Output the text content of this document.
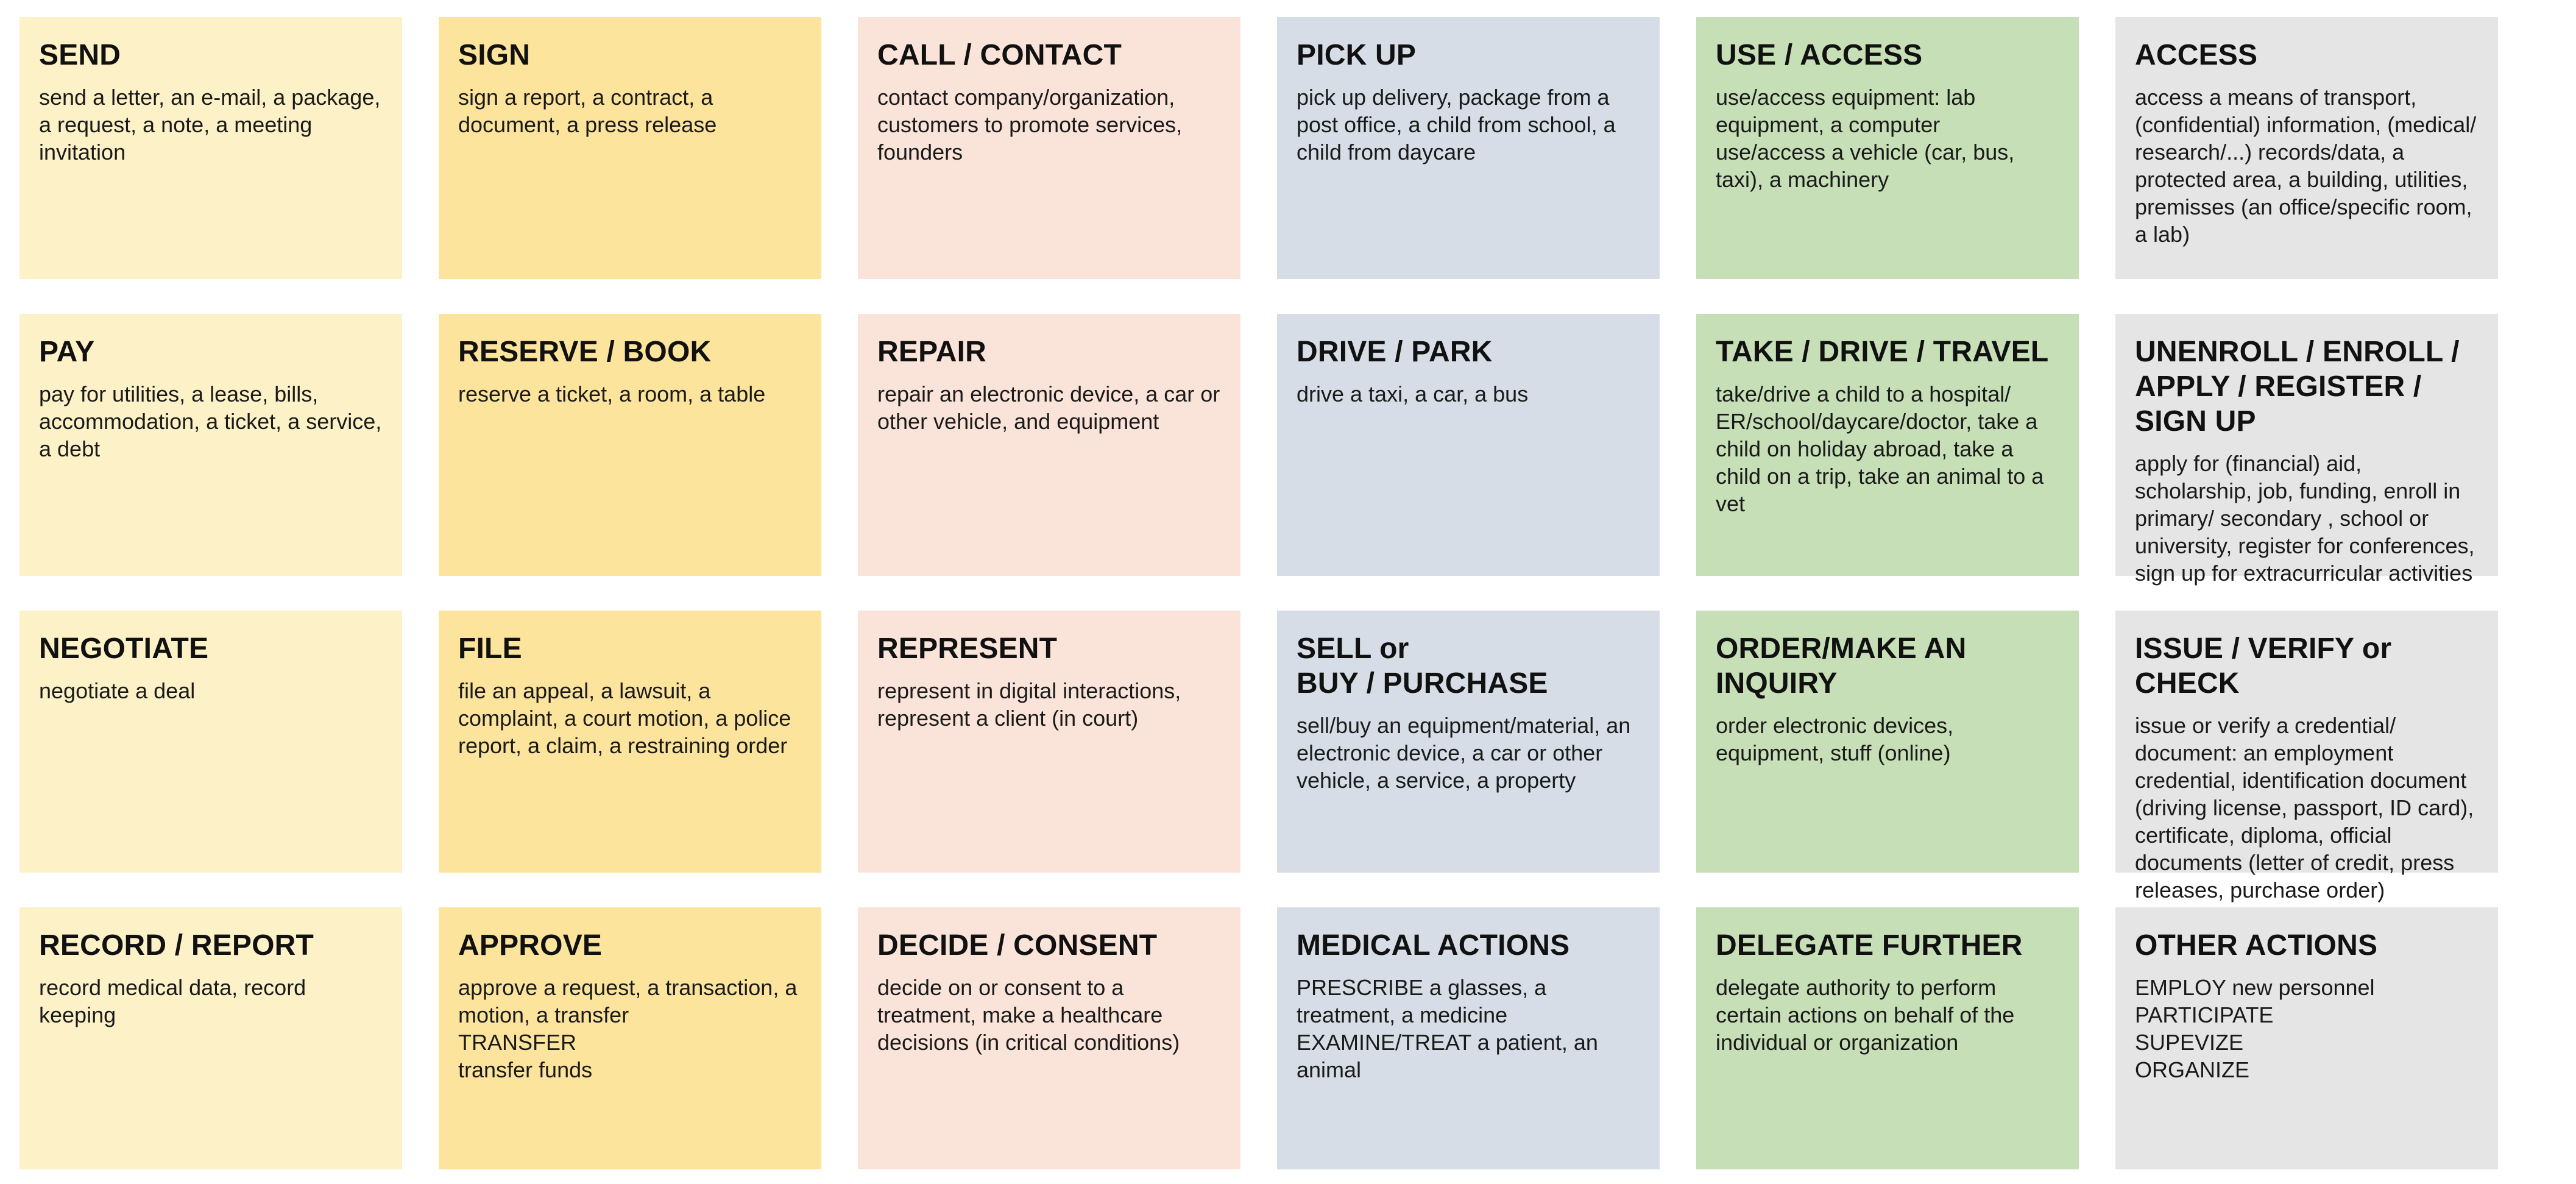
SEND

send a letter, an e-mail, a package, a request, a note, a meeting invitation

SIGN

sign a report, a contract, a document, a press release

CALL / CONTACT

contact company/organization, customers to promote services, founders

PICK UP

pick up delivery, package from a post office, a child from school, a child from daycare

USE / ACCESS

use/access equipment: lab equipment, a computer
use/access a vehicle (car, bus, taxi), a machinery

ACCESS

access a means of transport, (confidential) information, (medical/ research/...) records/data, a protected area, a building, utilities, premisses (an office/specific room, a lab)

PAY

pay for utilities, a lease, bills, accommodation, a ticket, a service, a debt

RESERVE / BOOK

reserve a ticket, a room, a table

REPAIR

repair an electronic device, a car or other vehicle, and equipment

DRIVE / PARK

drive a taxi, a car, a bus

TAKE / DRIVE / TRAVEL

take/drive a child to a hospital/ ER/school/daycare/doctor, take a child on holiday abroad, take a child on a trip, take an animal to a vet

UNENROLL / ENROLL / APPLY / REGISTER / SIGN UP

apply for (financial) aid, scholarship, job, funding, enroll in primary/ secondary , school or university, register for conferences, sign up for extracurricular activities

NEGOTIATE

negotiate a deal

FILE

file an appeal, a lawsuit, a complaint, a court motion, a police report, a claim, a restraining order

REPRESENT

represent in digital interactions, represent a client (in court)

SELL or
BUY / PURCHASE

sell/buy an equipment/material, an electronic device, a car or other vehicle, a service, a property

ORDER/MAKE AN INQUIRY

order electronic devices, equipment, stuff (online)

ISSUE / VERIFY or CHECK

issue or verify a credential/ document: an employment credential, identification document (driving license, passport, ID card), certificate, diploma, official documents (letter of credit, press releases, purchase order)

RECORD / REPORT

record medical data, record keeping

APPROVE

approve a request, a transaction, a motion, a transfer
TRANSFER
transfer funds

DECIDE / CONSENT

decide on or consent to a treatment, make a healthcare decisions (in critical conditions)

MEDICAL ACTIONS

PRESCRIBE a glasses, a treatment, a medicine
EXAMINE/TREAT a patient, an animal

DELEGATE FURTHER

delegate authority to perform certain actions on behalf of the individual or organization

OTHER ACTIONS

EMPLOY new personnel
PARTICIPATE
SUPEVIZE
ORGANIZE
